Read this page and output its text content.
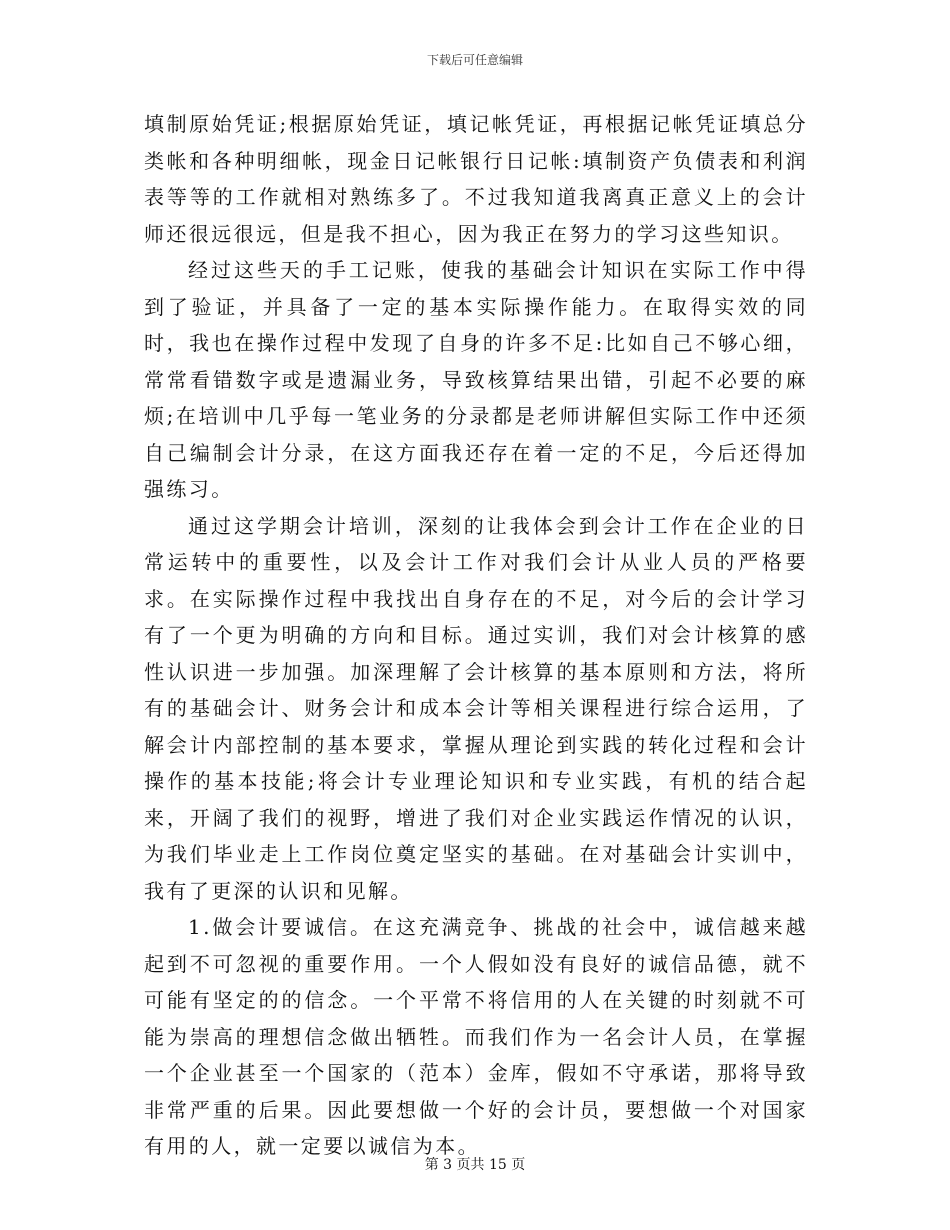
下载后可任意编辑

填制原始凭证;根据原始凭证，填记帐凭证，再根据记帐凭证填总分类帐和各种明细帐，现金日记帐银行日记帐:填制资产负债表和利润表等等的工作就相对熟练多了。不过我知道我离真正意义上的会计师还很远很远，但是我不担心，因为我正在努力的学习这些知识。

经过这些天的手工记账，使我的基础会计知识在实际工作中得到了验证，并具备了一定的基本实际操作能力。在取得实效的同时，我也在操作过程中发现了自身的许多不足:比如自己不够心细，常常看错数字或是遗漏业务，导致核算结果出错，引起不必要的麻烦;在培训中几乎每一笔业务的分录都是老师讲解但实际工作中还须自己编制会计分录，在这方面我还存在着一定的不足，今后还得加强练习。

通过这学期会计培训，深刻的让我体会到会计工作在企业的日常运转中的重要性，以及会计工作对我们会计从业人员的严格要求。在实际操作过程中我找出自身存在的不足，对今后的会计学习有了一个更为明确的方向和目标。通过实训，我们对会计核算的感性认识进一步加强。加深理解了会计核算的基本原则和方法，将所有的基础会计、财务会计和成本会计等相关课程进行综合运用，了解会计内部控制的基本要求，掌握从理论到实践的转化过程和会计操作的基本技能;将会计专业理论知识和专业实践，有机的结合起来，开阔了我们的视野，增进了我们对企业实践运作情况的认识，为我们毕业走上工作岗位奠定坚实的基础。在对基础会计实训中，我有了更深的认识和见解。

1.做会计要诚信。在这充满竞争、挑战的社会中，诚信越来越起到不可忽视的重要作用。一个人假如没有良好的诚信品德，就不可能有坚定的的信念。一个平常不将信用的人在关键的时刻就不可能为崇高的理想信念做出牺牲。而我们作为一名会计人员，在掌握一个企业甚至一个国家的（范本）金库，假如不守承诺，那将导致非常严重的后果。因此要想做一个好的会计员，要想做一个对国家有用的人，就一定要以诚信为本。

第 3 页共 15 页
